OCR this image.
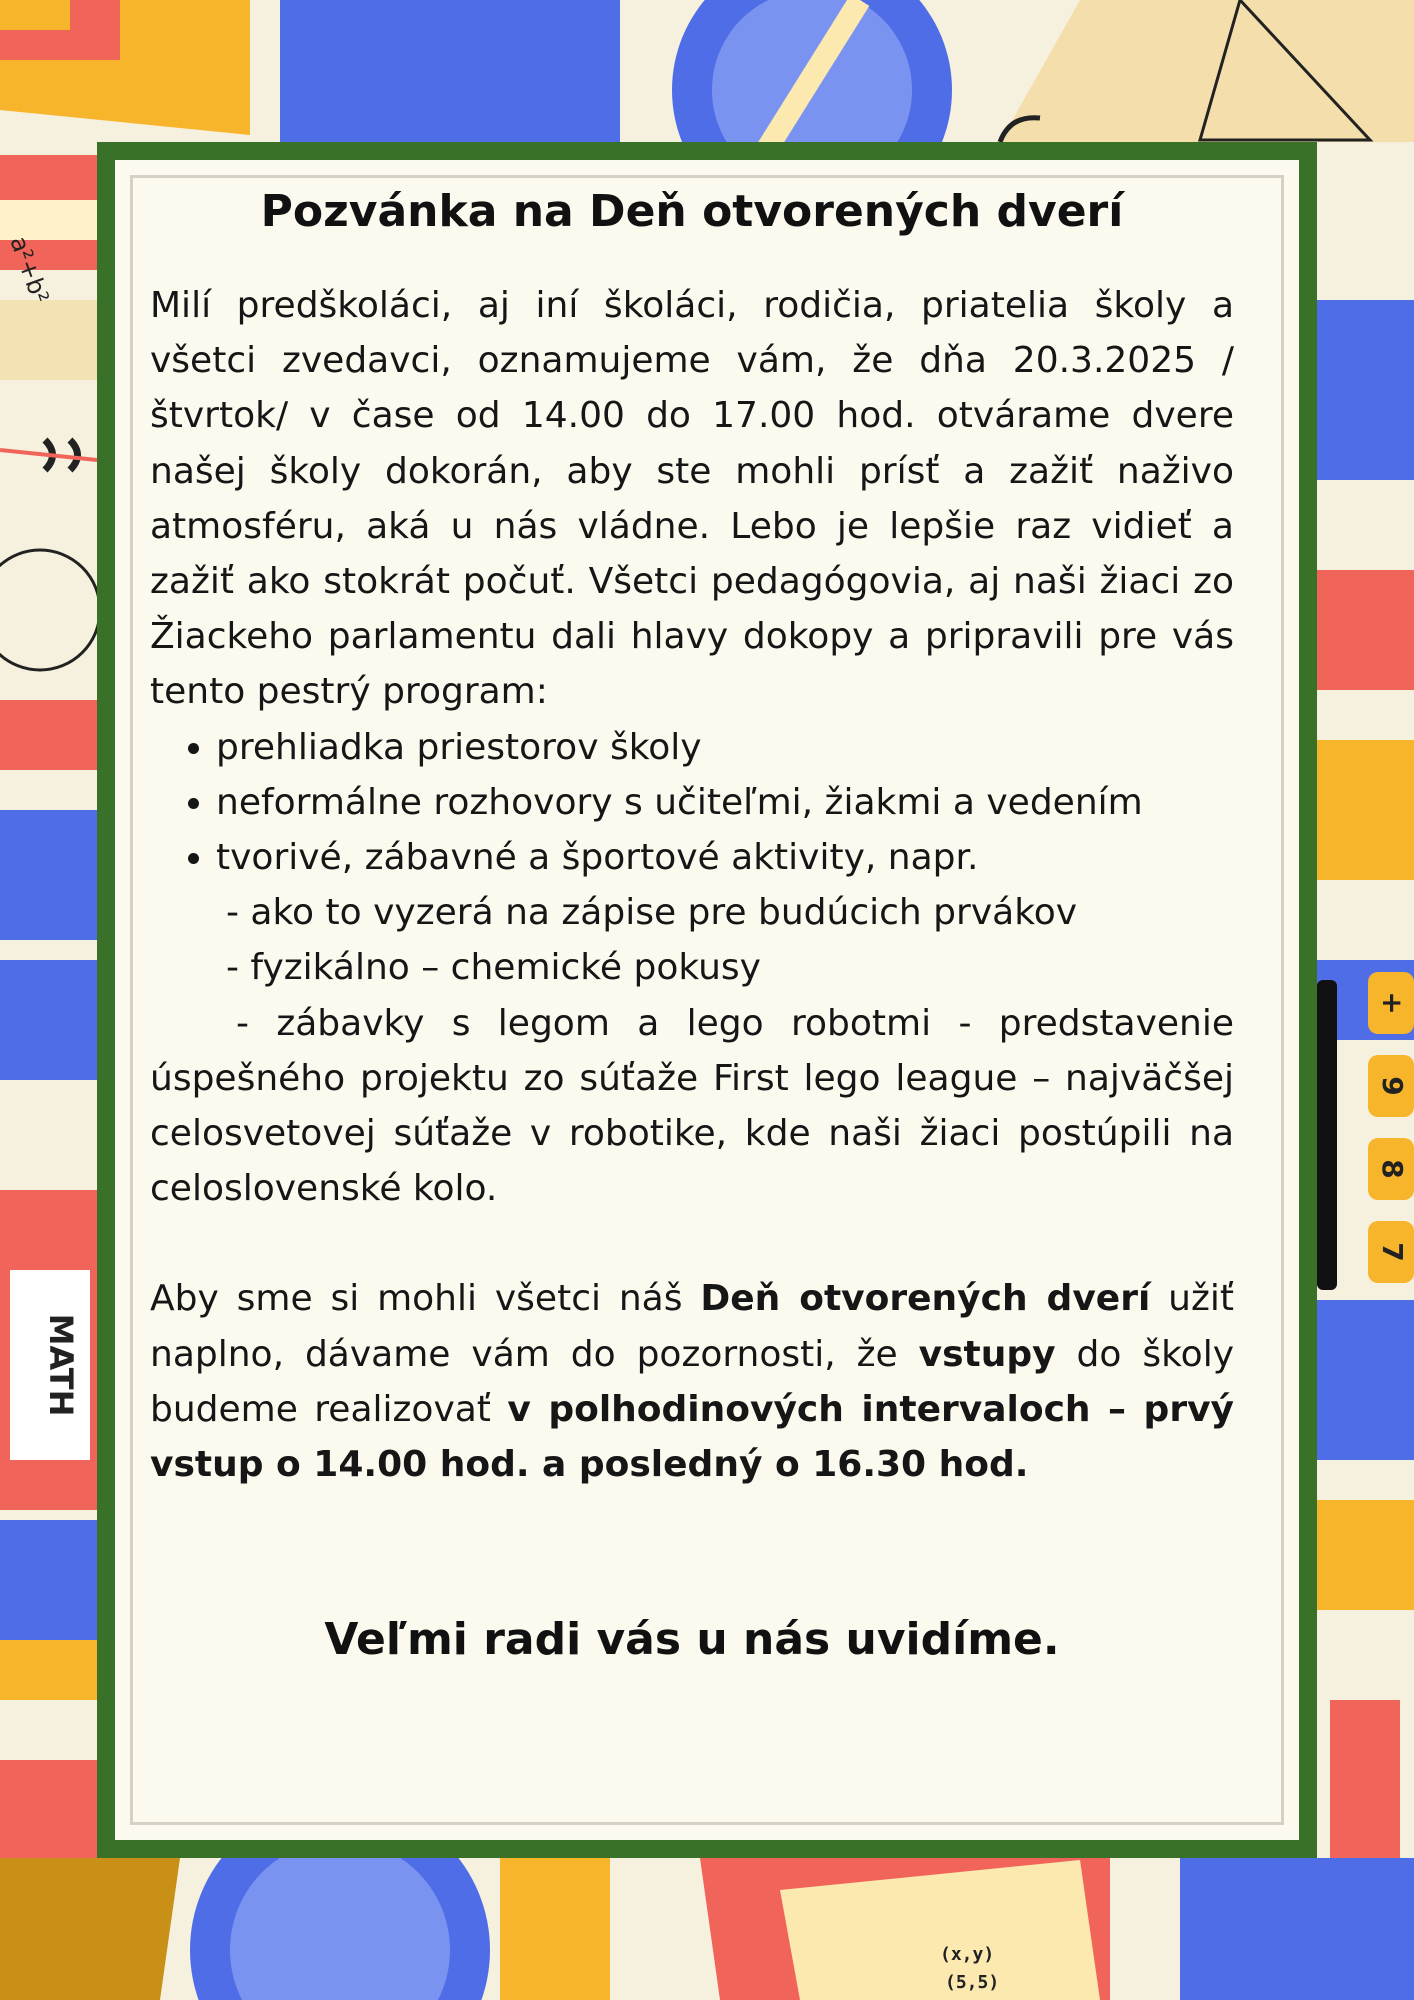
MATH
+
9
8
7
(x,y)
(5,5)
a²+b²
Pozvánka na Deň otvorených dverí

Milí predškoláci, aj iní školáci, rodičia, priatelia školy a všetci zvedavci, oznamujeme vám, že dňa 20.3.2025 /štvrtok/ v čase od 14.00 do 17.00 hod. otvárame dvere našej školy dokorán, aby ste mohli prísť a zažiť naživo atmosféru, aká u nás vládne. Lebo je lepšie raz vidieť a zažiť ako stokrát počuť. Všetci pedagógovia, aj naši žiaci zo Žiackeho parlamentu dali hlavy dokopy a pripravili pre vás tento pestrý program:

• prehliadka priestorov školy
• neformálne rozhovory s učiteľmi, žiakmi a vedením
• tvorivé, zábavné a športové aktivity, napr.

- ako to vyzerá na zápise pre budúcich prvákov

- fyzikálno – chemické pokusy

- zábavky s legom a lego robotmi - predstavenie úspešného projektu zo súťaže First lego league – najväčšej celosvetovej súťaže v robotike, kde naši žiaci postúpili na celoslovenské kolo.

Aby sme si mohli všetci náš Deň otvorených dverí užiť naplno, dávame vám do pozornosti, že vstupy do školy budeme realizovať v polhodinových intervaloch – prvý vstup o 14.00 hod. a posledný o 16.30 hod.

Veľmi radi vás u nás uvidíme.
